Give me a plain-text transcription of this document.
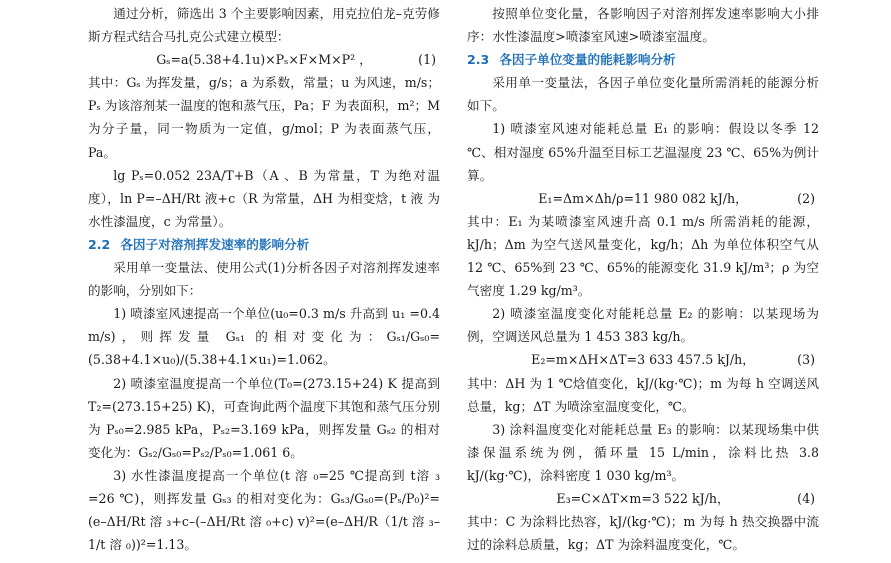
通过分析，筛选出 3 个主要影响因素，用克拉伯龙–克劳修斯方程式结合马扎克公式建立模型：

Gₛ=a(5.38+4.1u)×Pₛ×F×M×P² ，	(1)

其中：Gₛ 为挥发量，g/s；a 为系数，常量；u 为风速，m/s；Pₛ 为该溶剂某一温度的饱和蒸气压，Pa；F 为表面积，m²；M 为分子量，同一物质为一定值，g/mol；P 为表面蒸气压，Pa。

lg Pₛ=0.052 23A/T+B（A 、B 为常量，T 为绝对温度），ln P=–ΔH/Rt 液+c（R 为常量，ΔH 为相变焓，t 液 为水性漆温度，c 为常量）。

2.2 各因子对溶剂挥发速率的影响分析

采用单一变量法、使用公式(1)分析各因子对溶剂挥发速率的影响，分别如下：

1) 喷漆室风速提高一个单位(u₀=0.3 m/s 升高到 u₁ =0.4 m/s)，则挥发量 Gₛ₁ 的相对变化为：Gₛ₁/Gₛ₀=(5.38+4.1×u₀)/(5.38+4.1×u₁)=1.062。

2) 喷漆室温度提高一个单位(T₀=(273.15+24) K 提高到 T₂=(273.15+25) K)，可查询此两个温度下其饱和蒸气压分别为 Pₛ₀=2.985 kPa，Pₛ₂=3.169 kPa，则挥发量 Gₛ₂ 的相对变化为：Gₛ₂/Gₛ₀=Pₛ₂/Pₛ₀=1.061 6。

3) 水性漆温度提高一个单位(t 溶 ₀=25 ℃提高到 t溶 ₃ =26 ℃)，则挥发量 Gₛ₃ 的相对变化为：Gₛ₃/Gₛ₀=(Pₛ/P₀)²=(e–ΔH/Rt 溶 ₃+c–(–ΔH/Rt 溶 ₀+c) v)²=(e–ΔH/R（1/t 溶 ₃–1/t 溶 ₀))²=1.13。

按照单位变化量，各影响因子对溶剂挥发速率影响大小排序：水性漆温度>喷漆室风速>喷漆室温度。

2.3 各因子单位变量的能耗影响分析

采用单一变量法，各因子单位变化量所需消耗的能源分析如下。

1) 喷漆室风速对能耗总量 E₁ 的影响：假设以冬季 12 ℃、相对湿度 65%升温至目标工艺温湿度 23 ℃、65%为例计算。

E₁=Δm×Δh/ρ=11 980 082 kJ/h，	(2)

其中：E₁ 为某喷漆室风速升高 0.1 m/s 所需消耗的能源，kJ/h；Δm 为空气送风量变化，kg/h；Δh 为单位体积空气从 12 ℃、65%到 23 ℃、65%的能源变化 31.9 kJ/m³；ρ 为空气密度 1.29 kg/m³。

2) 喷漆室温度变化对能耗总量 E₂ 的影响：以某现场为例，空调送风总量为 1 453 383 kg/h。

E₂=m×ΔH×ΔT=3 633 457.5 kJ/h，	(3)

其中：ΔH 为 1 ℃焓值变化，kJ/(kg·℃)；m 为每 h 空调送风总量，kg；ΔT 为喷涂室温度变化，℃。

3) 涂料温度变化对能耗总量 E₃ 的影响：以某现场集中供漆保温系统为例，循环量 15 L/min，涂料比热 3.8 kJ/(kg·℃)，涂料密度 1 030 kg/m³。

E₃=C×ΔT×m=3 522 kJ/h，	(4)

其中：C 为涂料比热容，kJ/(kg·℃)；m 为每 h 热交换器中流过的涂料总质量，kg；ΔT 为涂料温度变化，℃。
